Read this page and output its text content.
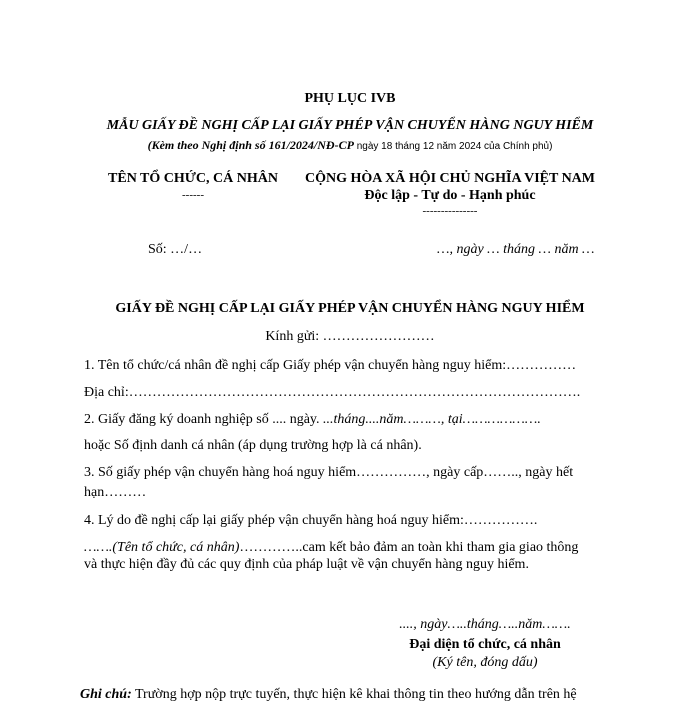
PHỤ LỤC IVB
MẪU GIẤY ĐỀ NGHỊ CẤP LẠI GIẤY PHÉP VẬN CHUYỂN HÀNG NGUY HIỂM
(Kèm theo Nghị định số 161/2024/NĐ-CP ngày 18 tháng 12 năm 2024 của Chính phủ)
TÊN TỔ CHỨC, CÁ NHÂN
------
CỘNG HÒA XÃ HỘI CHỦ NGHĨA VIỆT NAM
Độc lập - Tự do - Hạnh phúc
---------------
Số: …/…	…, ngày … tháng … năm …
GIẤY ĐỀ NGHỊ CẤP LẠI GIẤY PHÉP VẬN CHUYỂN HÀNG NGUY HIỂM
Kính gửi: ……………………
1. Tên tổ chức/cá nhân đề nghị cấp Giấy phép vận chuyển hàng nguy hiểm:……………
Địa chỉ:…………………………………………………………………………………….
2. Giấy đăng ký doanh nghiệp số .... ngày. ...tháng....năm………, tại……………….
hoặc Số định danh cá nhân (áp dụng trường hợp là cá nhân).
3. Số giấy phép vận chuyển hàng hoá nguy hiểm……………, ngày cấp…….., ngày hết
hạn………
4. Lý do đề nghị cấp lại giấy phép vận chuyển hàng hoá nguy hiểm:…………….
…….(Tên tổ chức, cá nhân)…………..cam kết bảo đảm an toàn khi tham gia giao thông
và thực hiện đầy đủ các quy định của pháp luật về vận chuyển hàng nguy hiểm.
...., ngày…..tháng…..năm…….
Đại diện tổ chức, cá nhân
(Ký tên, đóng dấu)
Ghi chú: Trường hợp nộp trực tuyến, thực hiện kê khai thông tin theo hướng dẫn trên hệ
